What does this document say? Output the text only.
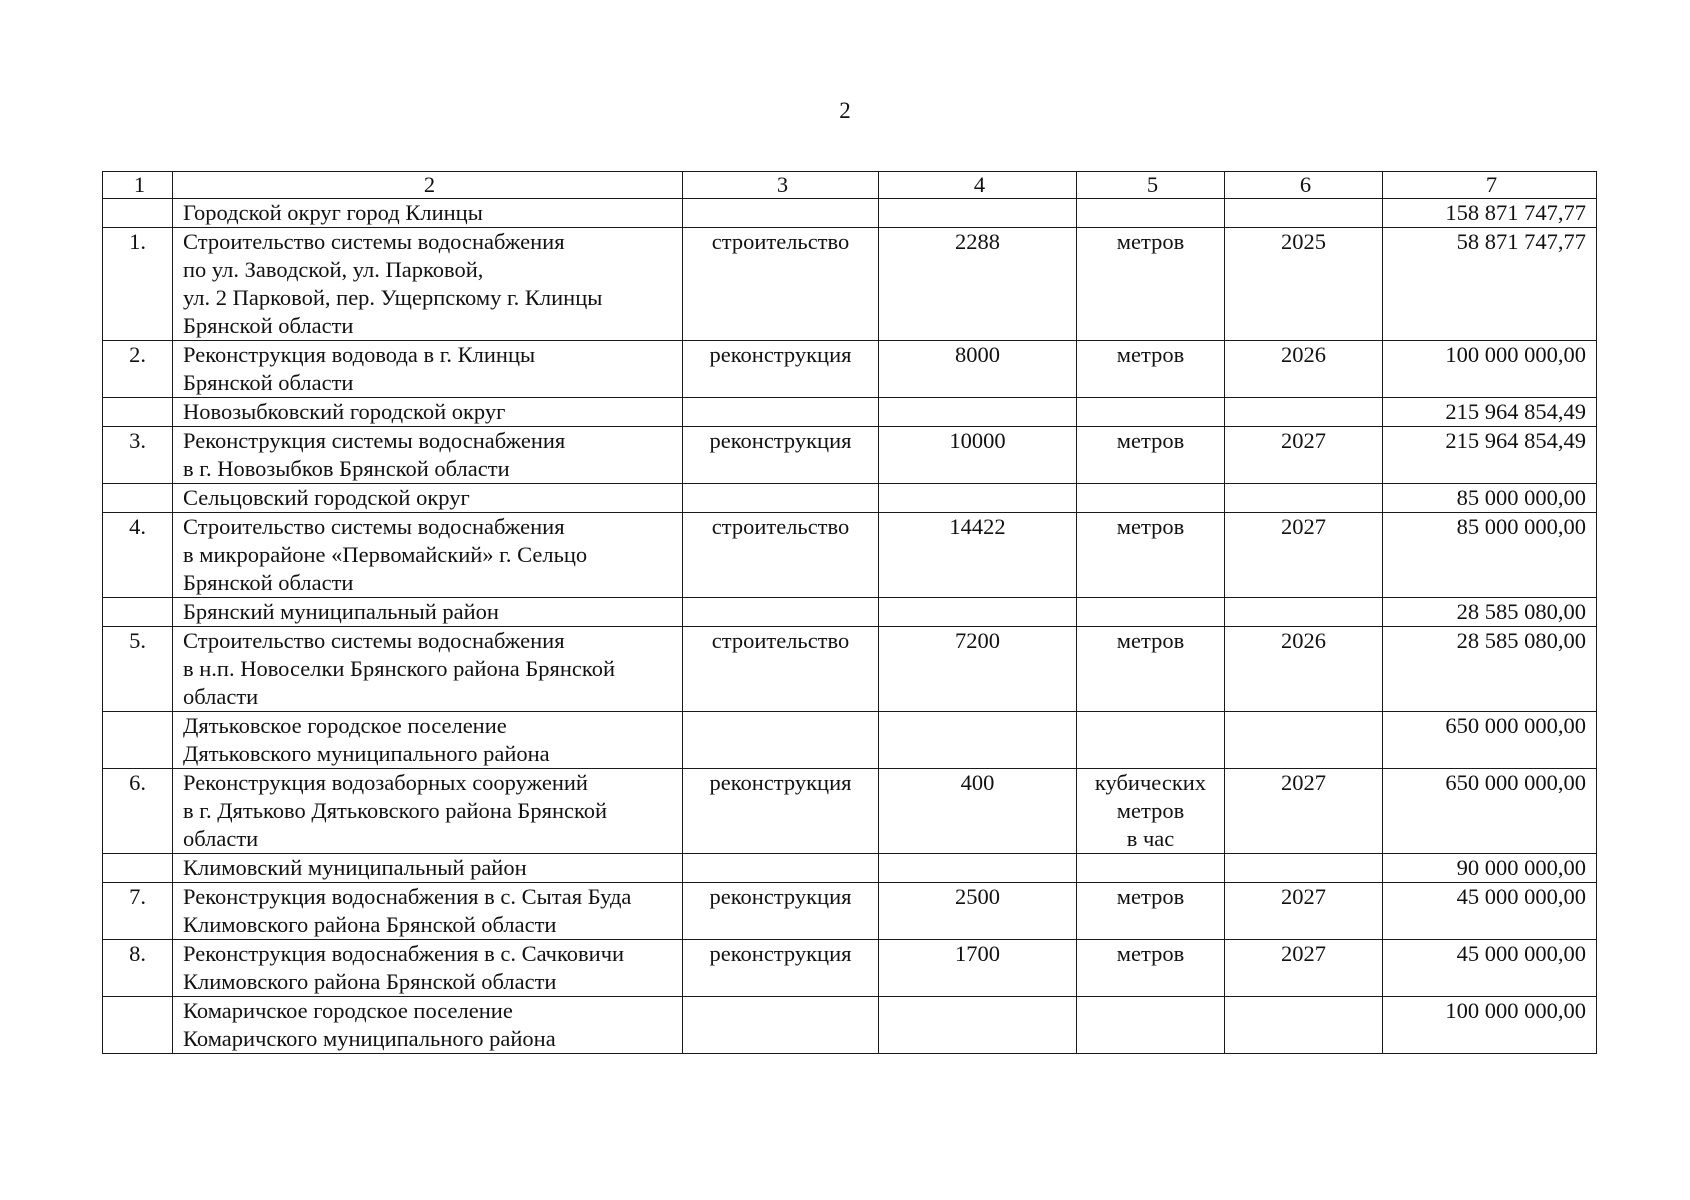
2
1	2	3	4	5	6	7
	Городской округ город Клинцы					158 871 747,77
1.	Строительство системы водоснабжения
по ул. Заводской, ул. Парковой,
ул. 2 Парковой, пер. Ущерпскому г. Клинцы
Брянской области	строительство	2288	метров	2025	58 871 747,77
2.	Реконструкция водовода в г. Клинцы
Брянской области	реконструкция	8000	метров	2026	100 000 000,00
	Новозыбковский городской округ					215 964 854,49
3.	Реконструкция системы водоснабжения
в г. Новозыбков Брянской области	реконструкция	10000	метров	2027	215 964 854,49
	Сельцовский городской округ					85 000 000,00
4.	Строительство системы водоснабжения
в микрорайоне «Первомайский» г. Сельцо
Брянской области	строительство	14422	метров	2027	85 000 000,00
	Брянский муниципальный район					28 585 080,00
5.	Строительство системы водоснабжения
в н.п. Новоселки Брянского района Брянской
области	строительство	7200	метров	2026	28 585 080,00
	Дятьковское городское поселение
Дятьковского муниципального района					650 000 000,00
6.	Реконструкция водозаборных сооружений
в г. Дятьково Дятьковского района Брянской
области	реконструкция	400	кубических
метров
в час	2027	650 000 000,00
	Климовский муниципальный район					90 000 000,00
7.	Реконструкция водоснабжения в с. Сытая Буда
Климовского района Брянской области	реконструкция	2500	метров	2027	45 000 000,00
8.	Реконструкция водоснабжения в с. Сачковичи
Климовского района Брянской области	реконструкция	1700	метров	2027	45 000 000,00
	Комаричское городское поселение
Комаричского муниципального района					100 000 000,00
